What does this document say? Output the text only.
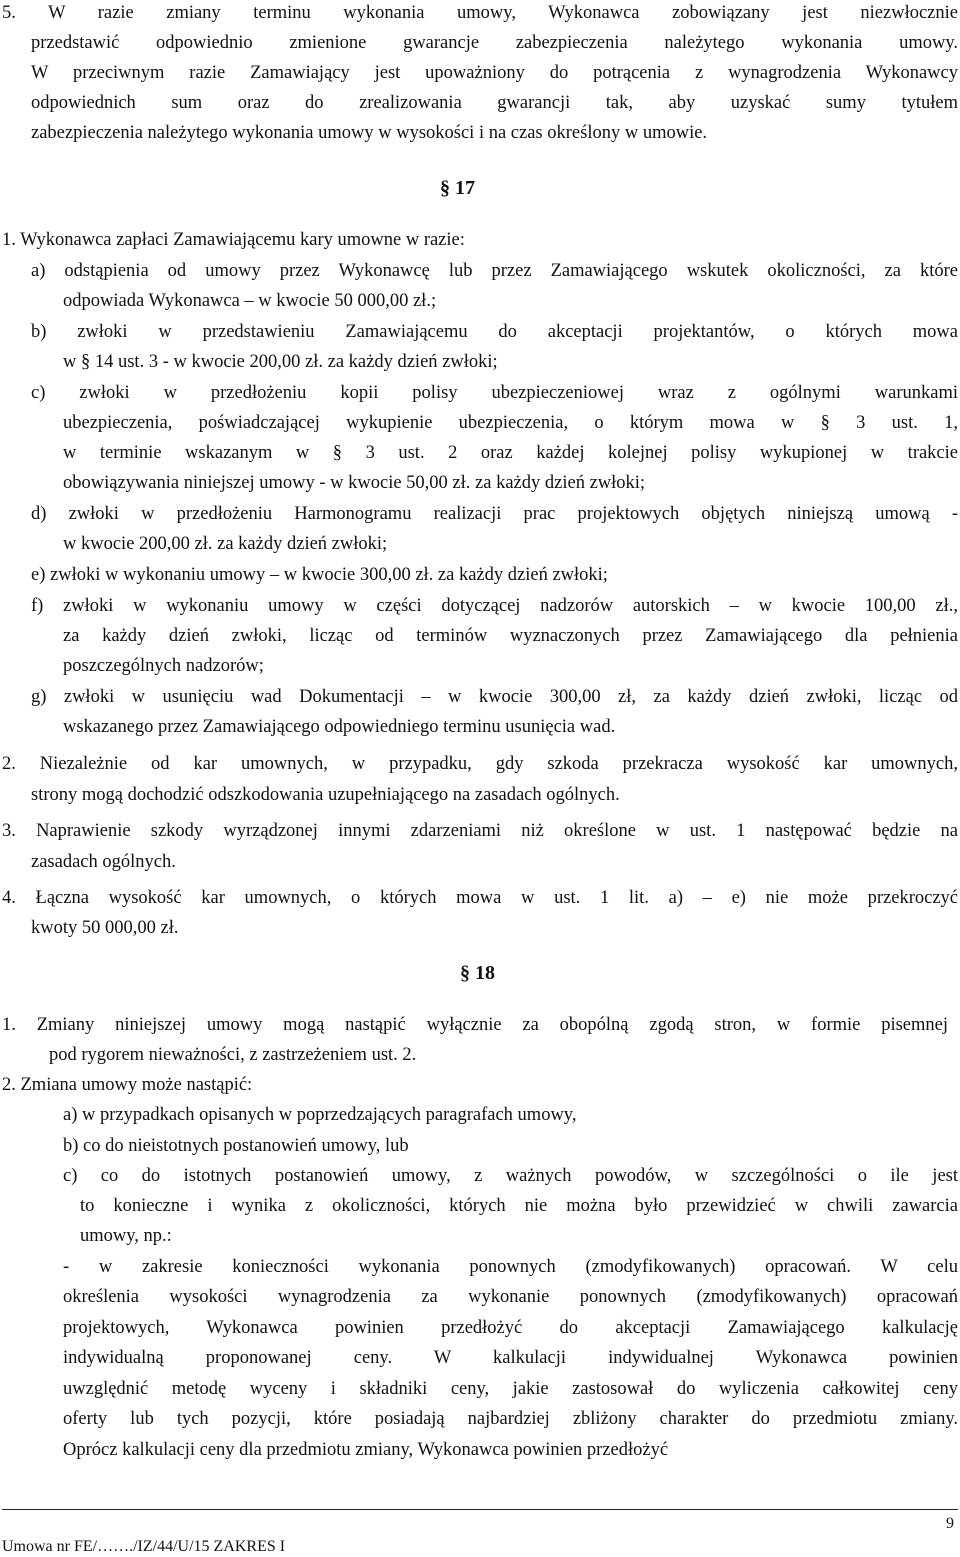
5. W razie zmiany terminu wykonania umowy, Wykonawca zobowiązany jest niezwłocznie
przedstawić odpowiednio zmienione gwarancje zabezpieczenia należytego wykonania umowy.
W przeciwnym razie Zamawiający jest upoważniony do potrącenia z wynagrodzenia Wykonawcy
odpowiednich sum oraz do zrealizowania gwarancji tak, aby uzyskać sumy tytułem
zabezpieczenia należytego wykonania umowy w wysokości i na czas określony w umowie.
§ 17
1. Wykonawca zapłaci Zamawiającemu kary umowne w razie:
a) odstąpienia od umowy przez Wykonawcę lub przez Zamawiającego wskutek okoliczności, za które
odpowiada Wykonawca – w kwocie 50 000,00 zł.;
b) zwłoki w przedstawieniu Zamawiającemu do akceptacji projektantów, o których mowa
w § 14 ust. 3 - w kwocie 200,00 zł. za każdy dzień zwłoki;
c) zwłoki w przedłożeniu kopii polisy ubezpieczeniowej wraz z ogólnymi warunkami
ubezpieczenia, poświadczającej wykupienie ubezpieczenia, o którym mowa w § 3 ust. 1,
w terminie wskazanym w § 3 ust. 2 oraz każdej kolejnej polisy wykupionej w trakcie
obowiązywania niniejszej umowy - w kwocie 50,00 zł. za każdy dzień zwłoki;
d) zwłoki w przedłożeniu Harmonogramu realizacji prac projektowych objętych niniejszą umową -
w kwocie 200,00 zł. za każdy dzień zwłoki;
e) zwłoki w wykonaniu umowy – w kwocie 300,00 zł. za każdy dzień zwłoki;
f) zwłoki w wykonaniu umowy w części dotyczącej nadzorów autorskich – w kwocie 100,00 zł.,
za każdy dzień zwłoki, licząc od terminów wyznaczonych przez Zamawiającego dla pełnienia
poszczególnych nadzorów;
g) zwłoki w usunięciu wad Dokumentacji – w kwocie 300,00 zł, za każdy dzień zwłoki, licząc od
wskazanego przez Zamawiającego odpowiedniego terminu usunięcia wad.
2. Niezależnie od kar umownych, w przypadku, gdy szkoda przekracza wysokość kar umownych,
strony mogą dochodzić odszkodowania uzupełniającego na zasadach ogólnych.
3. Naprawienie szkody wyrządzonej innymi zdarzeniami niż określone w ust. 1 następować będzie na
zasadach ogólnych.
4. Łączna wysokość kar umownych, o których mowa w ust. 1 lit. a) – e) nie może przekroczyć
kwoty 50 000,00 zł.
§ 18
1. Zmiany niniejszej umowy mogą nastąpić wyłącznie za obopólną zgodą stron, w formie pisemnej
pod rygorem nieważności, z zastrzeżeniem ust. 2.
2. Zmiana umowy może nastąpić:
a) w przypadkach opisanych w poprzedzających paragrafach umowy,
b) co do nieistotnych postanowień umowy, lub
c) co do istotnych postanowień umowy, z ważnych powodów, w szczególności o ile jest
to konieczne i wynika z okoliczności, których nie można było przewidzieć w chwili zawarcia
umowy, np.:
- w zakresie konieczności wykonania ponownych (zmodyfikowanych) opracowań. W celu
określenia wysokości wynagrodzenia za wykonanie ponownych (zmodyfikowanych) opracowań
projektowych, Wykonawca powinien przedłożyć do akceptacji Zamawiającego kalkulację
indywidualną proponowanej ceny. W kalkulacji indywidualnej Wykonawca powinien
uwzględnić metodę wyceny i składniki ceny, jakie zastosował do wyliczenia całkowitej ceny
oferty lub tych pozycji, które posiadają najbardziej zbliżony charakter do przedmiotu zmiany.
Oprócz kalkulacji ceny dla przedmiotu zmiany, Wykonawca powinien przedłożyć
9
Umowa nr FE/……./IZ/44/U/15 ZAKRES I
